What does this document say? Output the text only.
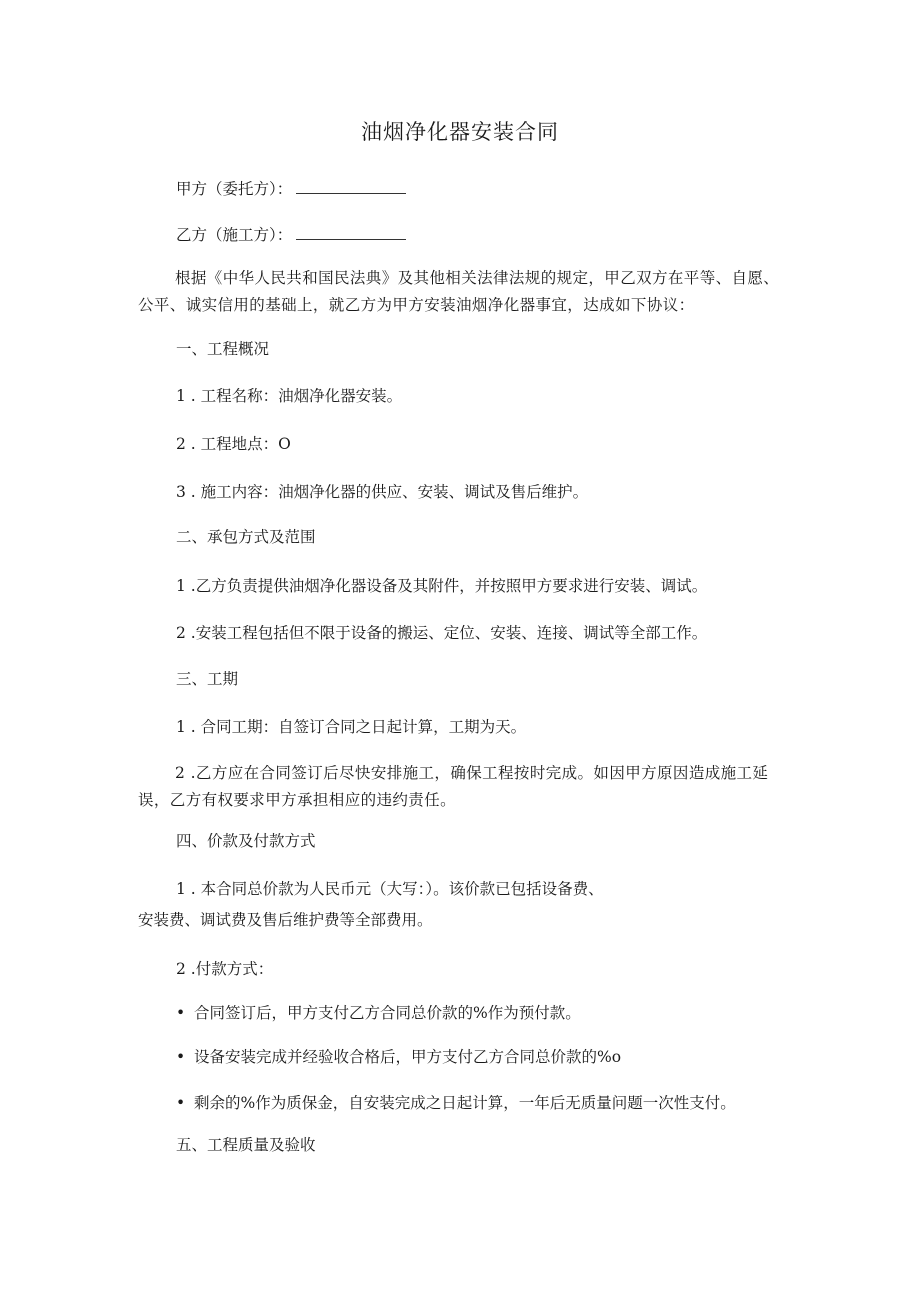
油烟净化器安装合同
甲方（委托方）：
乙方（施工方）：
根据《中华人民共和国民法典》及其他相关法律法规的规定，甲乙双方在平等、自愿、公平、诚实信用的基础上，就乙方为甲方安装油烟净化器事宜，达成如下协议：
一、工程概况
1 . 工程名称：油烟净化器安装。
2 . 工程地点：O
3 . 施工内容：油烟净化器的供应、安装、调试及售后维护。
二、承包方式及范围
1 .乙方负责提供油烟净化器设备及其附件，并按照甲方要求进行安装、调试。
2 .安装工程包括但不限于设备的搬运、定位、安装、连接、调试等全部工作。
三、工期
1 . 合同工期：自签订合同之日起计算，工期为天。
2 .乙方应在合同签订后尽快安排施工，确保工程按时完成。如因甲方原因造成施工延误，乙方有权要求甲方承担相应的违约责任。
四、价款及付款方式
1 . 本合同总价款为人民币元（大写：）。该价款已包括设备费、
安装费、调试费及售后维护费等全部费用。
2 .付款方式：
• 合同签订后，甲方支付乙方合同总价款的%作为预付款。
• 设备安装完成并经验收合格后，甲方支付乙方合同总价款的%o
• 剩余的%作为质保金，自安装完成之日起计算，一年后无质量问题一次性支付。
五、工程质量及验收
